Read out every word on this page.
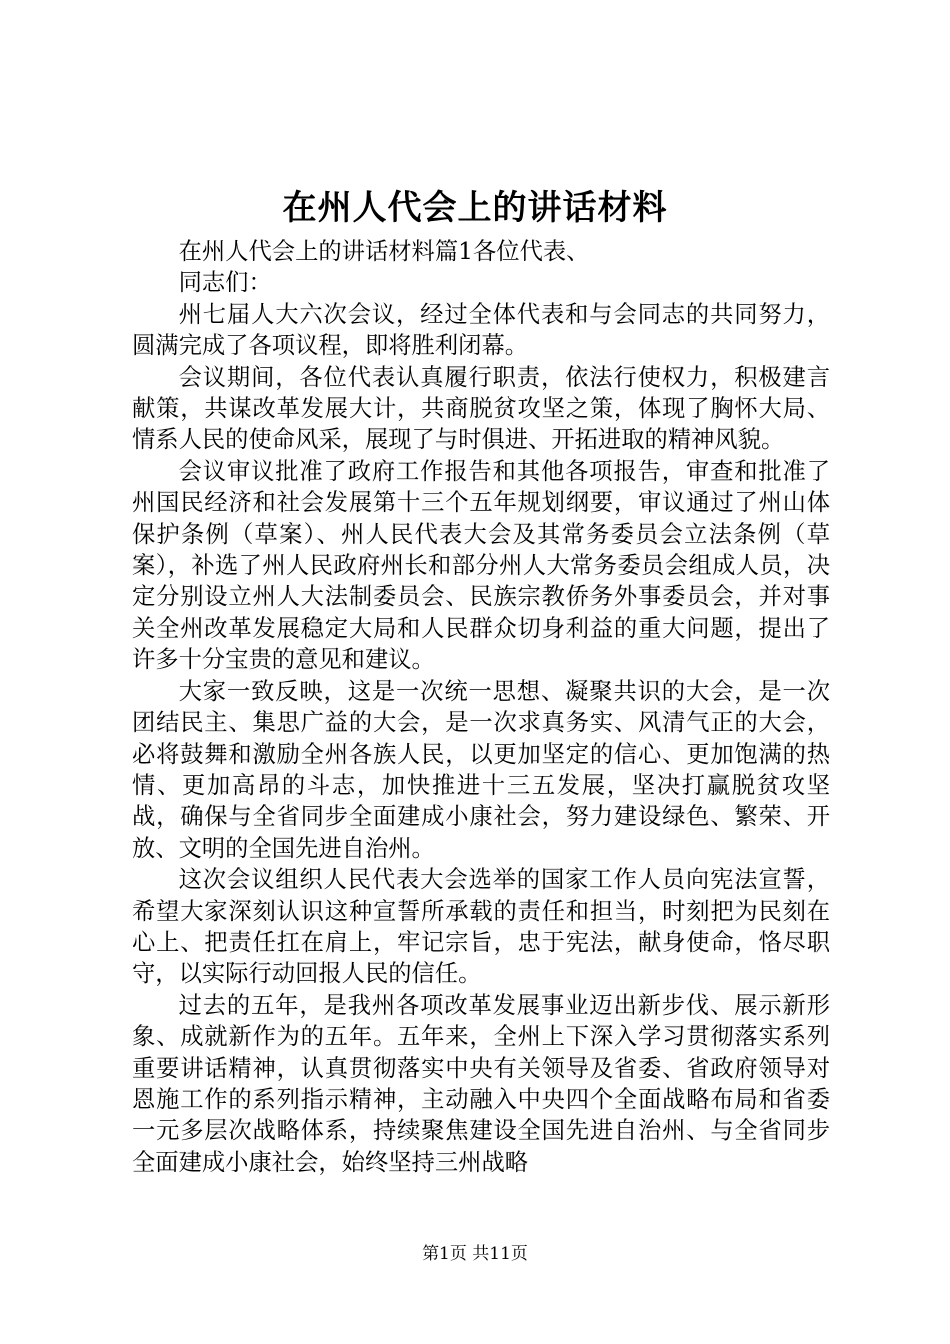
在州人代会上的讲话材料

在州人代会上的讲话材料篇1各位代表、

同志们：

州七届人大六次会议，经过全体代表和与会同志的共同努力，圆满完成了各项议程，即将胜利闭幕。

会议期间，各位代表认真履行职责，依法行使权力，积极建言献策，共谋改革发展大计，共商脱贫攻坚之策，体现了胸怀大局、情系人民的使命风采，展现了与时俱进、开拓进取的精神风貌。

会议审议批准了政府工作报告和其他各项报告，审查和批准了州国民经济和社会发展第十三个五年规划纲要，审议通过了州山体保护条例（草案）、州人民代表大会及其常务委员会立法条例（草案），补选了州人民政府州长和部分州人大常务委员会组成人员，决定分别设立州人大法制委员会、民族宗教侨务外事委员会，并对事关全州改革发展稳定大局和人民群众切身利益的重大问题，提出了许多十分宝贵的意见和建议。

大家一致反映，这是一次统一思想、凝聚共识的大会，是一次团结民主、集思广益的大会，是一次求真务实、风清气正的大会，必将鼓舞和激励全州各族人民，以更加坚定的信心、更加饱满的热情、更加高昂的斗志，加快推进十三五发展，坚决打赢脱贫攻坚战，确保与全省同步全面建成小康社会，努力建设绿色、繁荣、开放、文明的全国先进自治州。

这次会议组织人民代表大会选举的国家工作人员向宪法宣誓，希望大家深刻认识这种宣誓所承载的责任和担当，时刻把为民刻在心上、把责任扛在肩上，牢记宗旨，忠于宪法，献身使命，恪尽职守，以实际行动回报人民的信任。

过去的五年，是我州各项改革发展事业迈出新步伐、展示新形象、成就新作为的五年。五年来，全州上下深入学习贯彻落实系列重要讲话精神，认真贯彻落实中央有关领导及省委、省政府领导对恩施工作的系列指示精神，主动融入中央四个全面战略布局和省委一元多层次战略体系，持续聚焦建设全国先进自治州、与全省同步全面建成小康社会，始终坚持三州战略

第1页 共11页
